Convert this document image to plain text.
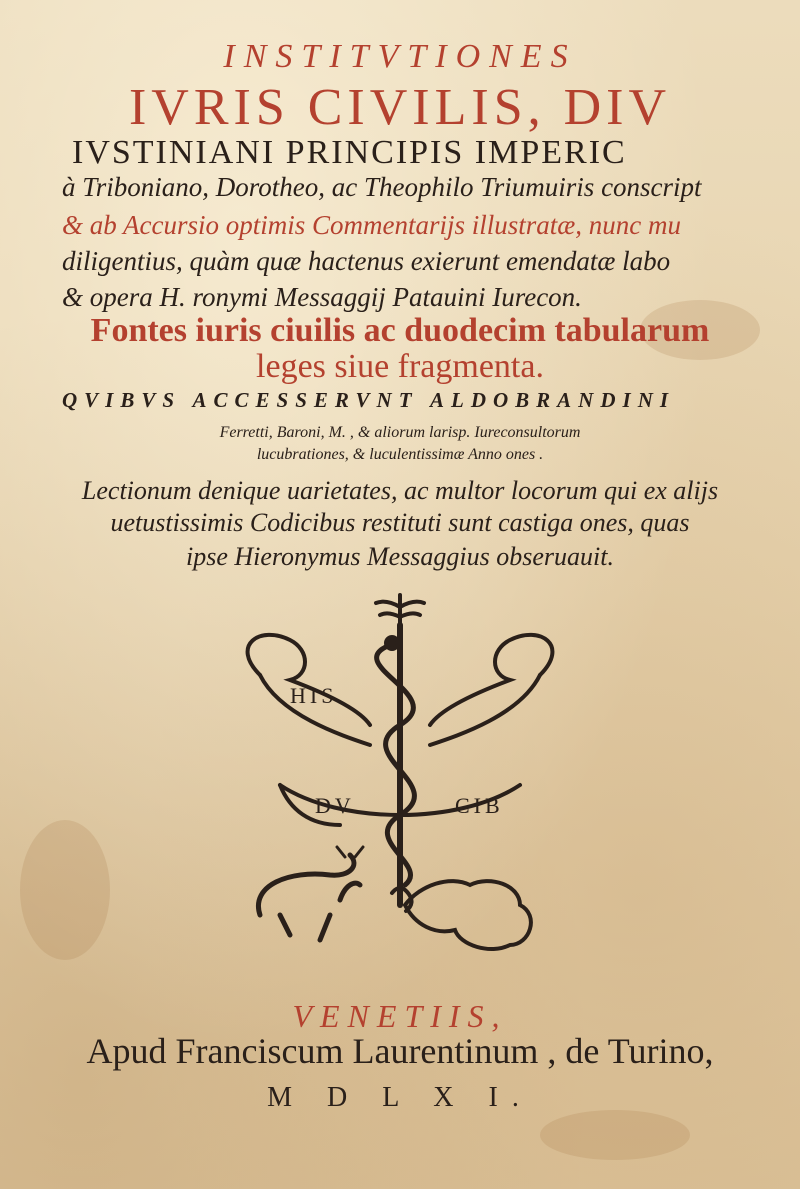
INSTITVTIONES
IVRIS CIVILIS, DIV
IVSTINIANI PRINCIPIS IMPERIC
à Triboniano, Dorotheo, ac Theophilo Triumuiris conscript
& ab Accursio optimis Commentarijs illustratæ, nunc mu
diligentius, quàm quæ hactenus exierunt emendatæ labo
& opera H. ronymi Messaggij Patauini Iurecon.
Fontes iuris ciuilis ac duodecim tabularum
leges siue fragmenta.
QVIBVS ACCESSERVNT ALDOBRANDINI
Ferretti, Baroni, M. , & aliorum larisp. Iureconsultorum
lucubrationes, & luculentissimæ Anno ones .
Lectionum denique uarietates, ac multor locorum qui ex alijs
uetustissimis Codicibus restituti sunt castiga ones, quas
ipse Hieronymus Messaggius obseruauit.
HIS
DV	CIB
VENETIIS,
Apud Franciscum Laurentinum , de Turino,
M D L X I.
